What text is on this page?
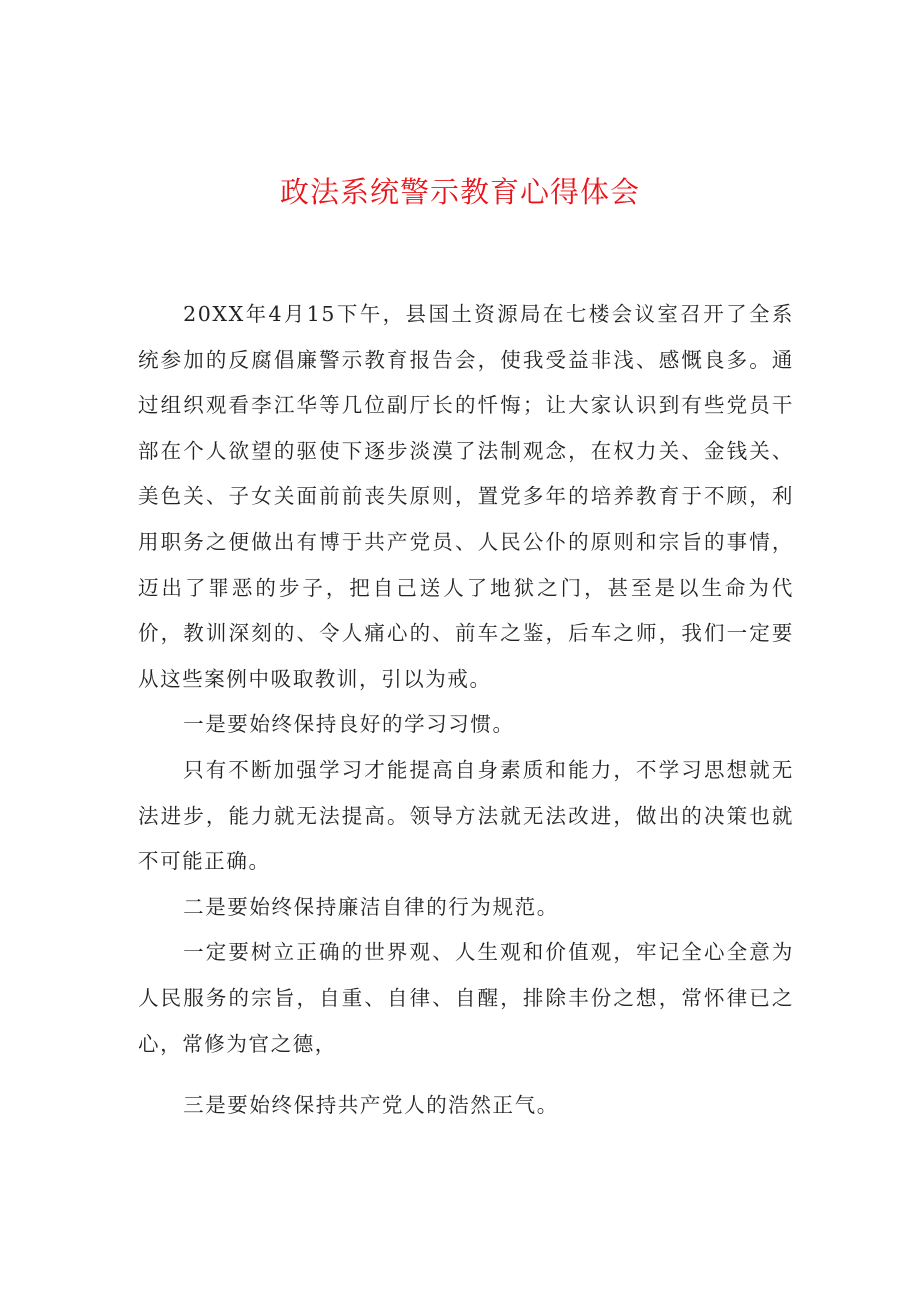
政法系统警示教育心得体会

20XX年4月15下午，县国土资源局在七楼会议室召开了全系统参加的反腐倡廉警示教育报告会，使我受益非浅、感慨良多。通过组织观看李江华等几位副厅长的忏悔；让大家认识到有些党员干部在个人欲望的驱使下逐步淡漠了法制观念，在权力关、金钱关、美色关、子女关面前前丧失原则，置党多年的培养教育于不顾，利用职务之便做出有博于共产党员、人民公仆的原则和宗旨的事情，迈出了罪恶的步子，把自己送人了地狱之门，甚至是以生命为代价，教训深刻的、令人痛心的、前车之鉴，后车之师，我们一定要从这些案例中吸取教训，引以为戒。

一是要始终保持良好的学习习惯。

只有不断加强学习才能提高自身素质和能力，不学习思想就无法进步，能力就无法提高。领导方法就无法改进，做出的决策也就不可能正确。

二是要始终保持廉洁自律的行为规范。

一定要树立正确的世界观、人生观和价值观，牢记全心全意为人民服务的宗旨，自重、自律、自醒，排除丰份之想，常怀律已之心，常修为官之德，

三是要始终保持共产党人的浩然正气。
